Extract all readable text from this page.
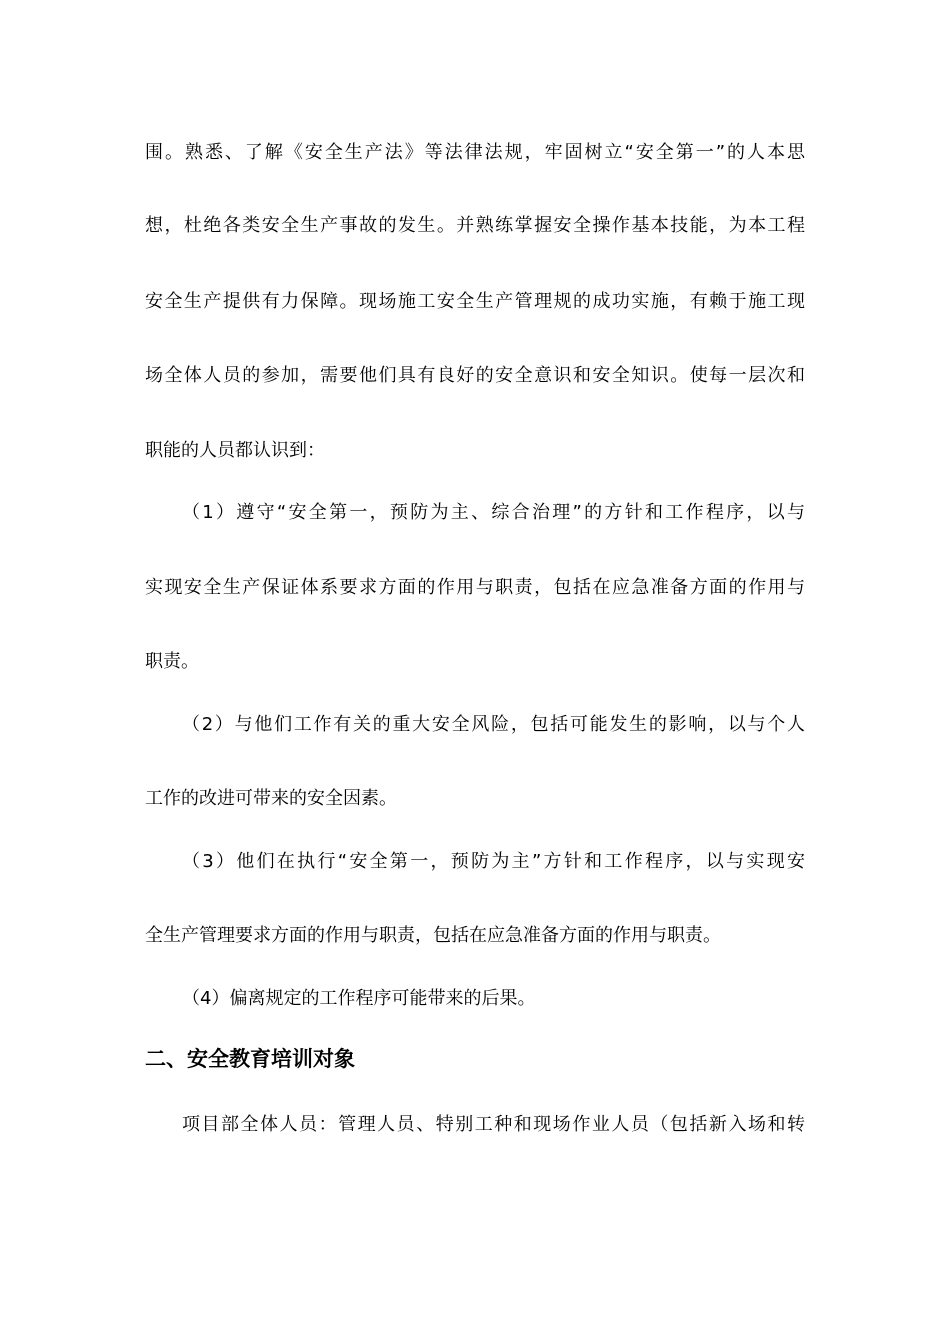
围。熟悉、了解《安全生产法》等法律法规，牢固树立“安全第一”的人本思
想，杜绝各类安全生产事故的发生。并熟练掌握安全操作基本技能，为本工程
安全生产提供有力保障。现场施工安全生产管理规的成功实施，有赖于施工现
场全体人员的参加，需要他们具有良好的安全意识和安全知识。使每一层次和
职能的人员都认识到：
（1）遵守“安全第一，预防为主、综合治理”的方针和工作程序，以与
实现安全生产保证体系要求方面的作用与职责，包括在应急准备方面的作用与
职责。
（2）与他们工作有关的重大安全风险，包括可能发生的影响，以与个人
工作的改进可带来的安全因素。
（3）他们在执行“安全第一，预防为主”方针和工作程序，以与实现安
全生产管理要求方面的作用与职责，包括在应急准备方面的作用与职责。
（4）偏离规定的工作程序可能带来的后果。
二、安全教育培训对象
项目部全体人员：管理人员、特别工种和现场作业人员（包括新入场和转
